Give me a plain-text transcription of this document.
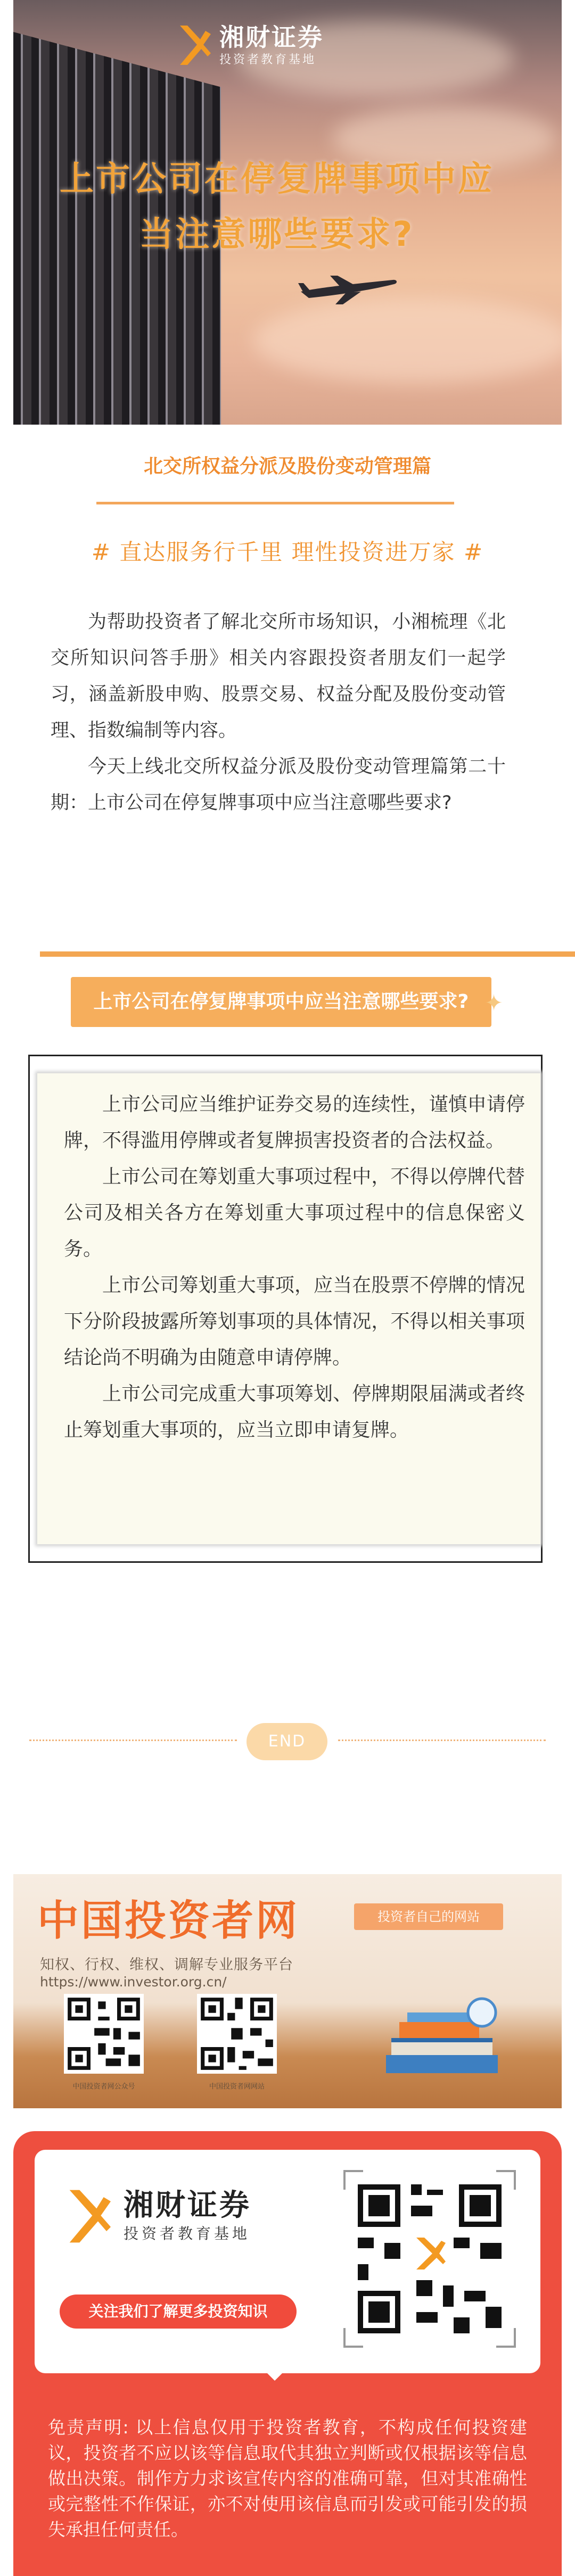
湘财证券
投资者教育基地
上市公司在停复牌事项中应
当注意哪些要求?
北交所权益分派及股份变动管理篇
# 直达服务行千里 理性投资进万家 #

为帮助投资者了解北交所市场知识，小湘梳理《北交所知识问答手册》相关内容跟投资者朋友们一起学习，涵盖新股申购、股票交易、权益分配及股份变动管理、指数编制等内容。

今天上线北交所权益分派及股份变动管理篇第二十期：上市公司在停复牌事项中应当注意哪些要求?

上市公司在停复牌事项中应当注意哪些要求? ✦

上市公司应当维护证券交易的连续性，谨慎申请停牌，不得滥用停牌或者复牌损害投资者的合法权益。

上市公司在筹划重大事项过程中，不得以停牌代替公司及相关各方在筹划重大事项过程中的信息保密义务。

上市公司筹划重大事项，应当在股票不停牌的情况下分阶段披露所筹划事项的具体情况，不得以相关事项结论尚不明确为由随意申请停牌。

上市公司完成重大事项筹划、停牌期限届满或者终止筹划重大事项的，应当立即申请复牌。

END
中国投资者网	投资者自己的网站
知权、行权、维权、调解专业服务平台
https://www.investor.org.cn/
中国投资者网公众号	中国投资者网网站
湘财证券
投资者教育基地
关注我们了解更多投资知识
免责声明: 以上信息仅用于投资者教育，不构成任何投资建议，投资者不应以该等信息取代其独立判断或仅根据该等信息做出决策。制作方力求该宣传内容的准确可靠，但对其准确性或完整性不作保证，亦不对使用该信息而引发或可能引发的损失承担任何责任。
